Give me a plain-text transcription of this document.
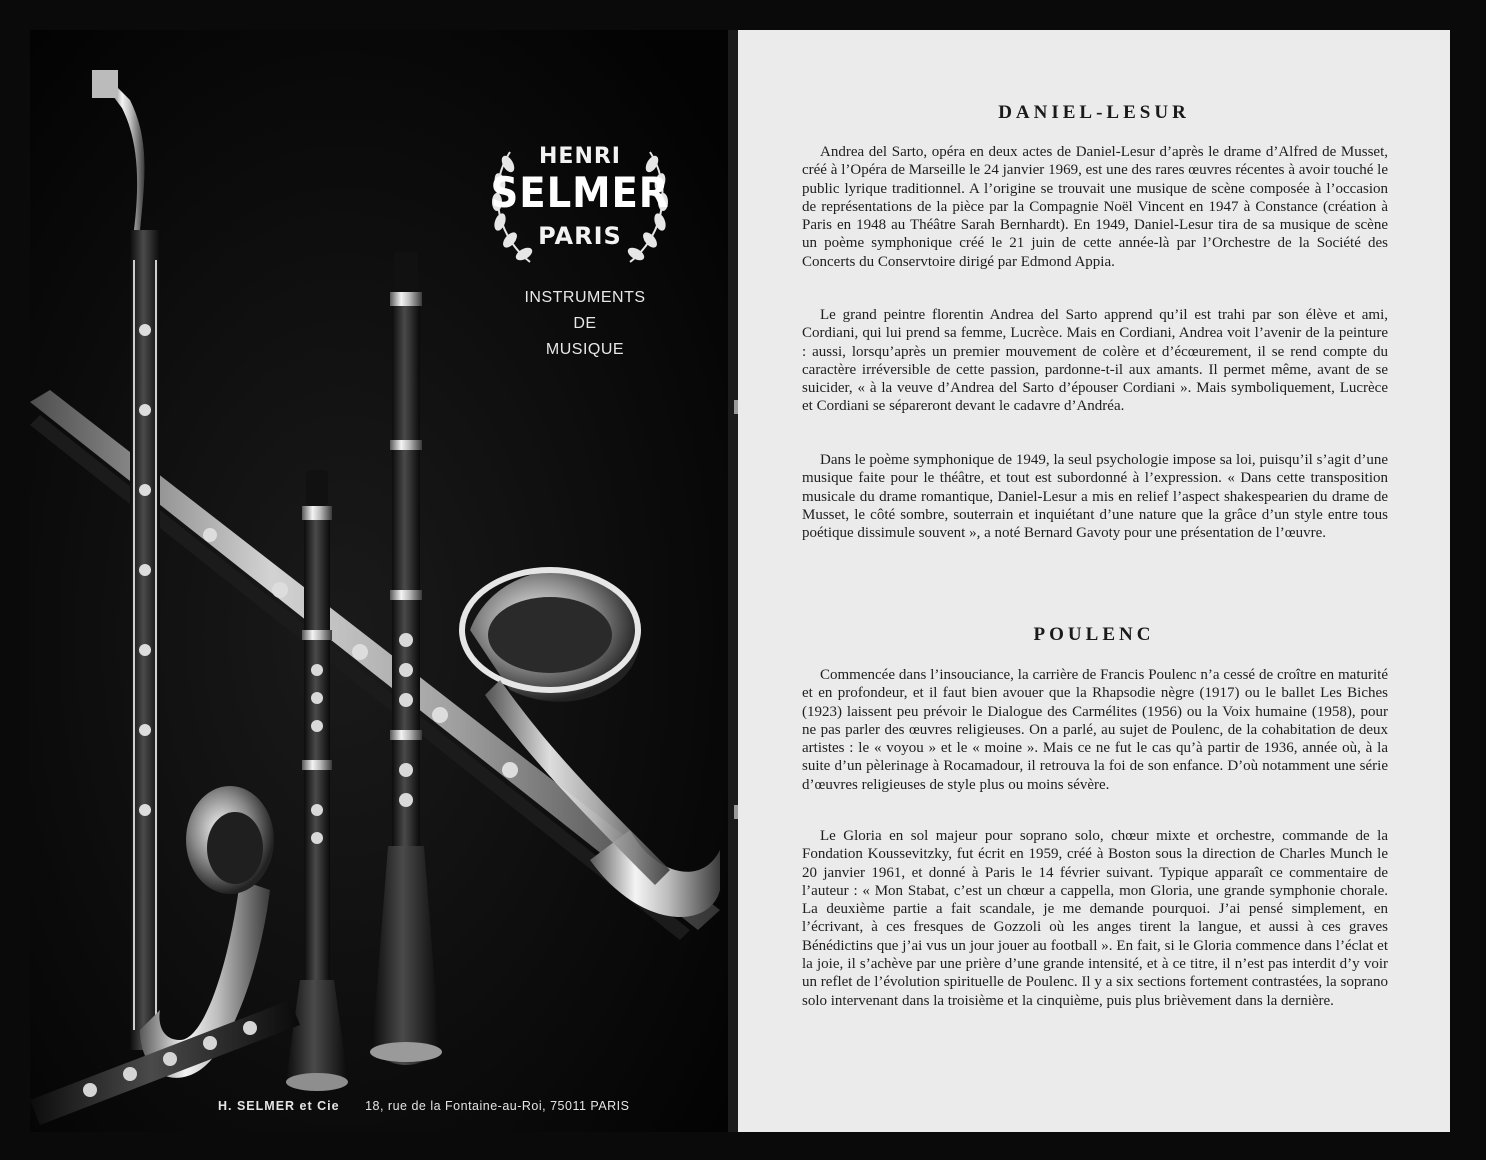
HENRI
SELMER
PARIS
INSTRUMENTS
DE
MUSIQUE
H. SELMER et Cie 18, rue de la Fontaine-au-Roi, 75011 PARIS
DANIEL-LESUR

Andrea del Sarto, opéra en deux actes de Daniel-Lesur d’après le drame d’Alfred de Musset, créé à l’Opéra de Marseille le 24 janvier 1969, est une des rares œuvres récentes à avoir touché le public lyrique traditionnel. A l’origine se trouvait une musique de scène composée à l’occasion de représentations de la pièce par la Compagnie Noël Vincent en 1947 à Constance (création à Paris en 1948 au Théâtre Sarah Bernhardt). En 1949, Daniel-Lesur tira de sa musique de scène un poème symphonique créé le 21 juin de cette année-là par l’Orchestre de la Société des Concerts du Conservtoire dirigé par Edmond Appia.

Le grand peintre florentin Andrea del Sarto apprend qu’il est trahi par son élève et ami, Cordiani, qui lui prend sa femme, Lucrèce. Mais en Cordiani, Andrea voit l’avenir de la peinture : aussi, lorsqu’après un premier mouvement de colère et d’écœurement, il se rend compte du caractère irréversible de cette passion, pardonne-t-il aux amants. Il permet même, avant de se suicider, « à la veuve d’Andrea del Sarto d’épouser Cordiani ». Mais symboliquement, Lucrèce et Cordiani se sépareront devant le cadavre d’Andréa.

Dans le poème symphonique de 1949, la seul psychologie impose sa loi, puisqu’il s’agit d’une musique faite pour le théâtre, et tout est subordonné à l’expression. « Dans cette transposition musicale du drame romantique, Daniel-Lesur a mis en relief l’aspect shakespearien du drame de Musset, le côté sombre, souterrain et inquiétant d’une nature que la grâce d’un style entre tous poétique dissimule souvent », a noté Bernard Gavoty pour une présentation de l’œuvre.

POULENC

Commencée dans l’insouciance, la carrière de Francis Poulenc n’a cessé de croître en maturité et en profondeur, et il faut bien avouer que la Rhapsodie nègre (1917) ou le ballet Les Biches (1923) laissent peu prévoir le Dialogue des Carmélites (1956) ou la Voix humaine (1958), pour ne pas parler des œuvres religieuses. On a parlé, au sujet de Poulenc, de la cohabitation de deux artistes : le « voyou » et le « moine ». Mais ce ne fut le cas qu’à partir de 1936, année où, à la suite d’un pèlerinage à Rocamadour, il retrouva la foi de son enfance. D’où notamment une série d’œuvres religieuses de style plus ou moins sévère.

Le Gloria en sol majeur pour soprano solo, chœur mixte et orchestre, commande de la Fondation Koussevitzky, fut écrit en 1959, créé à Boston sous la direction de Charles Munch le 20 janvier 1961, et donné à Paris le 14 février suivant. Typique apparaît ce commentaire de l’auteur : « Mon Stabat, c’est un chœur a cappella, mon Gloria, une grande symphonie chorale. La deuxième partie a fait scandale, je me demande pourquoi. J’ai pensé simplement, en l’écrivant, à ces fresques de Gozzoli où les anges tirent la langue, et aussi à ces graves Bénédictins que j’ai vus un jour jouer au football ». En fait, si le Gloria commence dans l’éclat et la joie, il s’achève par une prière d’une grande intensité, et à ce titre, il n’est pas interdit d’y voir un reflet de l’évolution spirituelle de Poulenc. Il y a six sections fortement contrastées, la soprano solo intervenant dans la troisième et la cinquième, puis plus brièvement dans la dernière.
